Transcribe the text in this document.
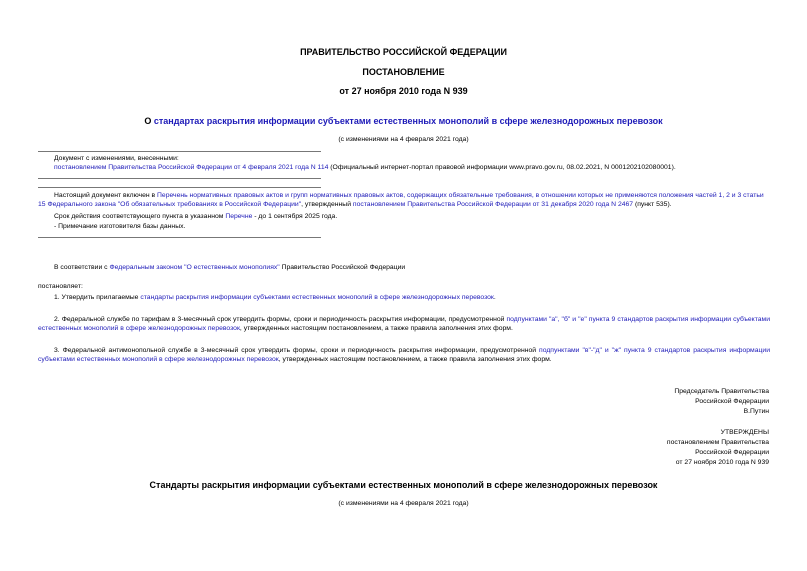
ПРАВИТЕЛЬСТВО РОССИЙСКОЙ ФЕДЕРАЦИИ
ПОСТАНОВЛЕНИЕ
от 27 ноября 2010 года N 939
О стандартах раскрытия информации субъектами естественных монополий в сфере железнодорожных перевозок
(с изменениями на 4 февраля 2021 года)
Документ с изменениями, внесенными:
постановлением Правительства Российской Федерации от 4 февраля 2021 года N 114 (Официальный интернет-портал правовой информации www.pravo.gov.ru, 08.02.2021, N 0001202102080001).
Настоящий документ включен в Перечень нормативных правовых актов и групп нормативных правовых актов, содержащих обязательные требования, в отношении которых не применяются положения частей 1, 2 и 3 статьи 15 Федерального закона "Об обязательных требованиях в Российской Федерации", утвержденный постановлением Правительства Российской Федерации от 31 декабря 2020 года N 2467 (пункт 535).
Срок действия соответствующего пункта в указанном Перечне - до 1 сентября 2025 года.
- Примечание изготовителя базы данных.
В соответствии с Федеральным законом "О естественных монополиях" Правительство Российской Федерации
постановляет:
1. Утвердить прилагаемые стандарты раскрытия информации субъектами естественных монополий в сфере железнодорожных перевозок.
2. Федеральной службе по тарифам в 3-месячный срок утвердить формы, сроки и периодичность раскрытия информации, предусмотренной подпунктами "а", "б" и "е" пункта 9 стандартов раскрытия информации субъектами естественных монополий в сфере железнодорожных перевозок, утвержденных настоящим постановлением, а также правила заполнения этих форм.
3. Федеральной антимонопольной службе в 3-месячный срок утвердить формы, сроки и периодичность раскрытия информации, предусмотренной подпунктами "в"-"д" и "ж" пункта 9 стандартов раскрытия информации субъектами естественных монополий в сфере железнодорожных перевозок, утвержденных настоящим постановлением, а также правила заполнения этих форм.
Председатель Правительства
Российской Федерации
В.Путин
УТВЕРЖДЕНЫ
постановлением Правительства
Российской Федерации
от 27 ноября 2010 года N 939
Стандарты раскрытия информации субъектами естественных монополий в сфере железнодорожных перевозок
(с изменениями на 4 февраля 2021 года)
